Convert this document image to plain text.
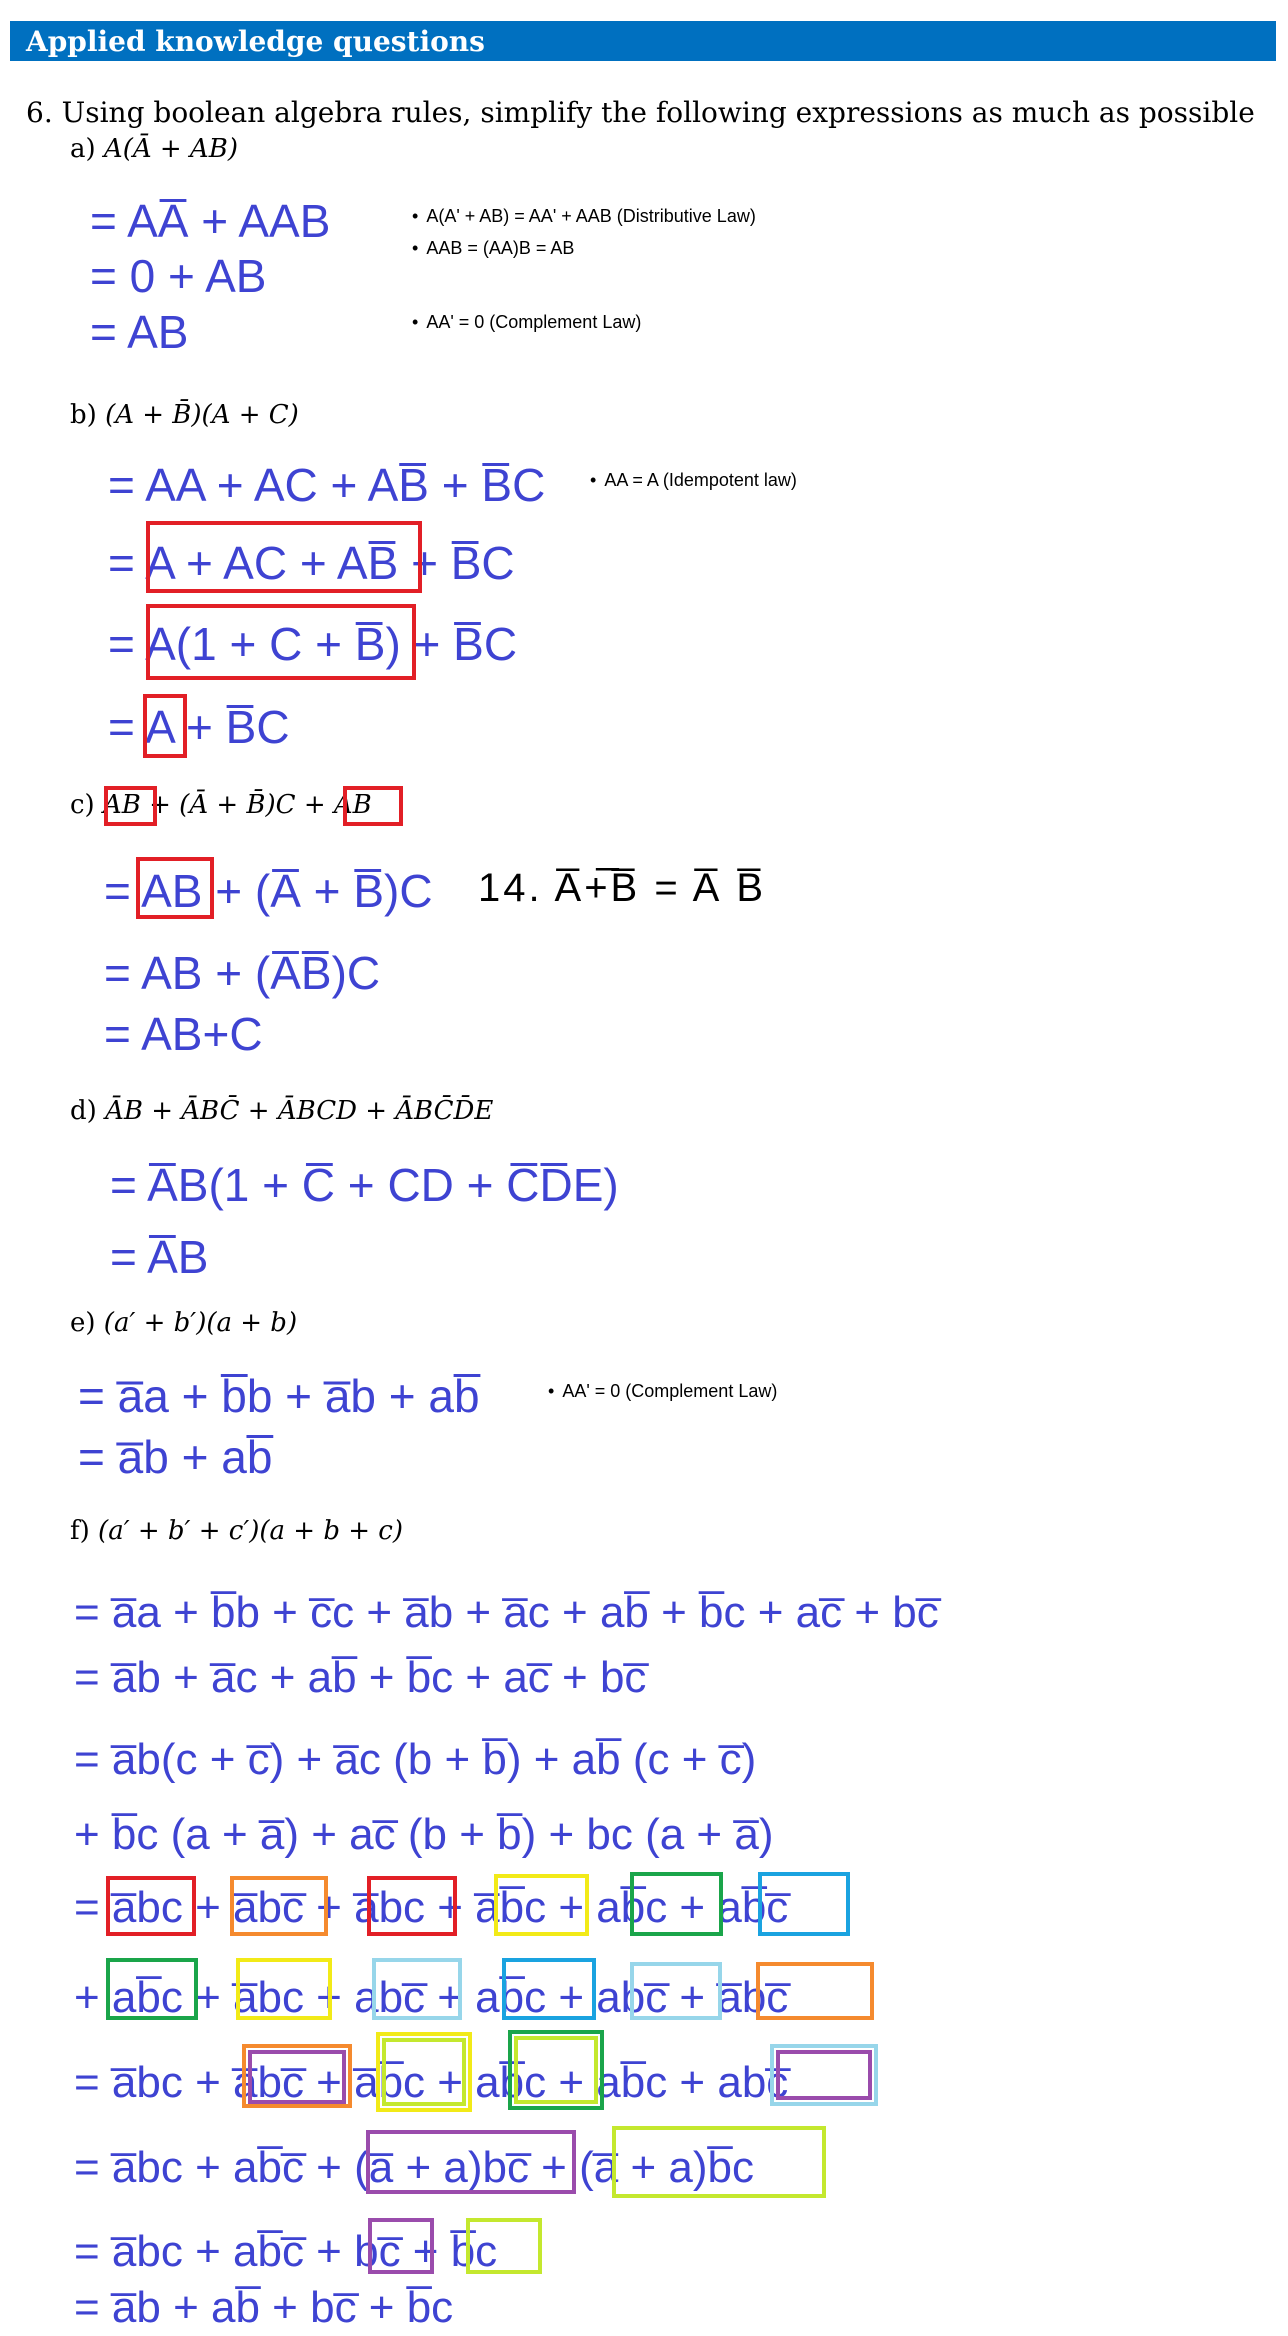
Applied knowledge questions
6. Using boolean algebra rules, simplify the following expressions as much as possible
a) A(Ā + AB)
= AA̅ + AAB
= 0 + AB
= AB
• A(A' + AB) = AA' + AAB (Distributive Law)
• AAB = (AA)B = AB
• AA' = 0 (Complement Law)
b) (A + B̄)(A + C)
= AA + AC + AB̅ + B̅C	• AA = A (Idempotent law)
= A + AC + AB̅ + B̅C
= A(1 + C + B̅) + B̅C
= A + B̅C
c) AB + (Ā + B̄)C + AB
= AB + (A̅ + B̅)C 14. A̅+̅B̅ = A̅ B̅
= AB + (A̅B̅)C
= AB+C
d) ĀB + ĀBC̄ + ĀBCD + ĀBC̄D̄E
= A̅B(1 + C̅ + CD + C̅D̅E)
= A̅B
e) (a′ + b′)(a + b)
= a̅a + b̅b + a̅b + ab̅	• AA' = 0 (Complement Law)
= a̅b + ab̅
f) (a′ + b′ + c′)(a + b + c)
= a̅a + b̅b + c̅c + a̅b + a̅c + ab̅ + b̅c + ac̅ + bc̅
= a̅b + a̅c + ab̅ + b̅c + ac̅ + bc̅
= a̅b(c + c̅) + a̅c (b + b̅) + ab̅ (c + c̅)
+ b̅c (a + a̅) + ac̅ (b + b̅) + bc (a + a̅)
= a̅bc + a̅bc̅ + a̅bc + a̅b̅c + ab̅c + ab̅c̅
+ ab̅c + a̅bc + abc̅ + ab̅c + abc̅ + a̅bc̅
= a̅bc + a̅bc̅ + a̅b̅c + ab̅c + ab̅c + abc̅
= a̅bc + ab̅c̅ + (a̅ + a)bc̅ + (a̅ + a)b̅c
= a̅bc + ab̅c̅ + bc̅ + b̅c
= a̅b + ab̅ + bc̅ + b̅c
